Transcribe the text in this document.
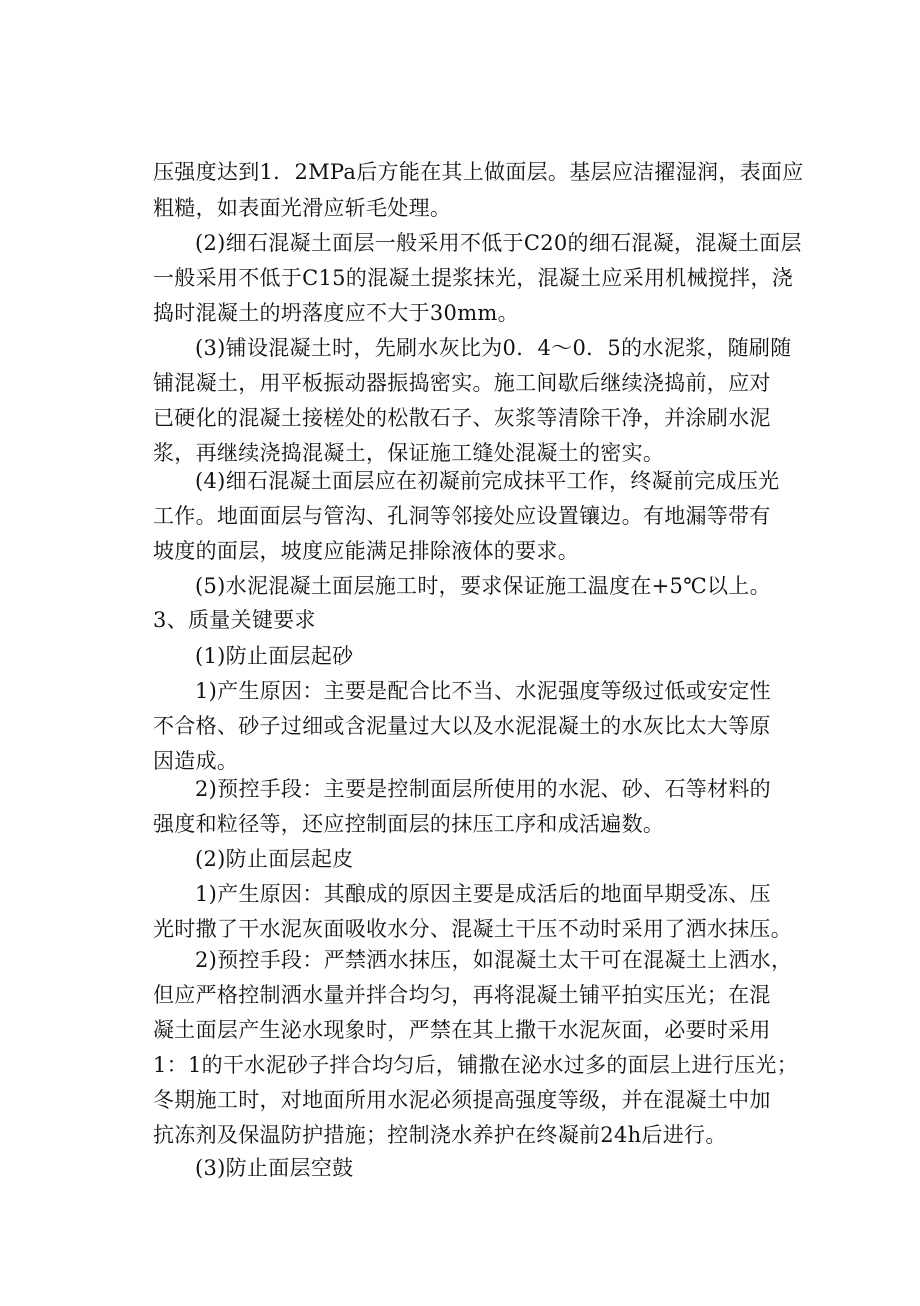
压强度达到1．2MPa后方能在其上做面层。基层应洁擢湿润，表面应

粗糙，如表面光滑应斩毛处理。

(2)细石混凝土面层一般采用不低于C20的细石混凝，混凝土面层

一般采用不低于C15的混凝土提浆抹光，混凝土应采用机械搅拌，浇

捣时混凝土的坍落度应不大于30mm。

(3)铺设混凝土时，先刷水灰比为0．4～0．5的水泥浆，随刷随

铺混凝土，用平板振动器振捣密实。施工间歇后继续浇捣前，应对

已硬化的混凝土接槎处的松散石子、灰浆等清除干净，并涂刷水泥

浆，再继续浇捣混凝土，保证施工缝处混凝土的密实。

(4)细石混凝土面层应在初凝前完成抹平工作，终凝前完成压光

工作。地面面层与管沟、孔洞等邻接处应设置镶边。有地漏等带有

坡度的面层，坡度应能满足排除液体的要求。

(5)水泥混凝土面层施工时，要求保证施工温度在+5℃以上。

3、质量关键要求

(1)防止面层起砂

1)产生原因：主要是配合比不当、水泥强度等级过低或安定性

不合格、砂子过细或含泥量过大以及水泥混凝土的水灰比太大等原

因造成。

2)预控手段：主要是控制面层所使用的水泥、砂、石等材料的

强度和粒径等，还应控制面层的抹压工序和成活遍数。

(2)防止面层起皮

1)产生原因：其酿成的原因主要是成活后的地面早期受冻、压

光时撒了干水泥灰面吸收水分、混凝土干压不动时采用了洒水抹压。

2)预控手段：严禁洒水抹压，如混凝土太干可在混凝土上洒水，

但应严格控制洒水量并拌合均匀，再将混凝土铺平拍实压光；在混

凝土面层产生泌水现象时，严禁在其上撒干水泥灰面，必要时采用

1：1的干水泥砂子拌合均匀后，铺撒在泌水过多的面层上进行压光；

冬期施工时，对地面所用水泥必须提高强度等级，并在混凝土中加

抗冻剂及保温防护措施；控制浇水养护在终凝前24h后进行。

(3)防止面层空鼓
